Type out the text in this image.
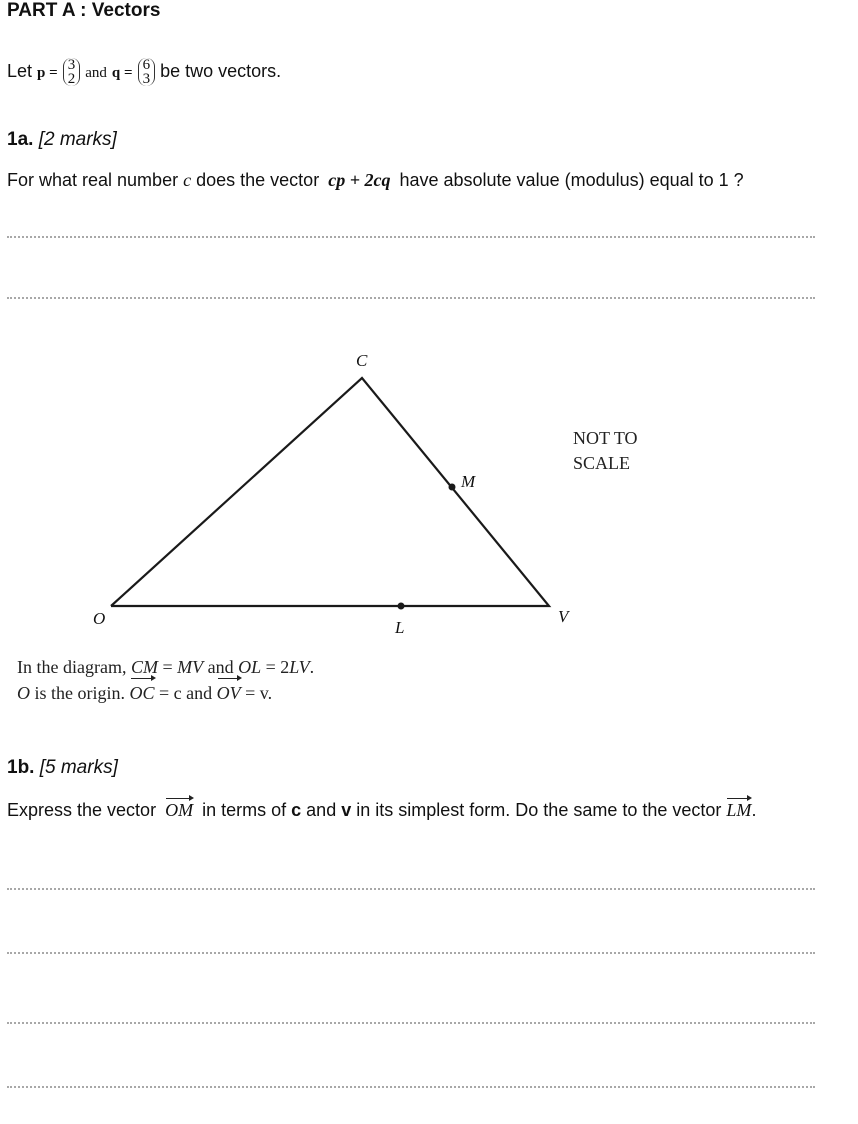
PART A : Vectors
Let p = 3
2 and q = 6
3 be two vectors.
1a. [2 marks]
For what real number c does the vector cp + 2cq have absolute value (modulus) equal to 1 ?
C
M
O	L
V
NOT TO
SCALE
In the diagram, CM = MV and OL = 2LV.
O is the origin. OC = c and OV = v.
1b. [5 marks]
Express the vector OM in terms of c and v in its simplest form. Do the same to the vector LM.
